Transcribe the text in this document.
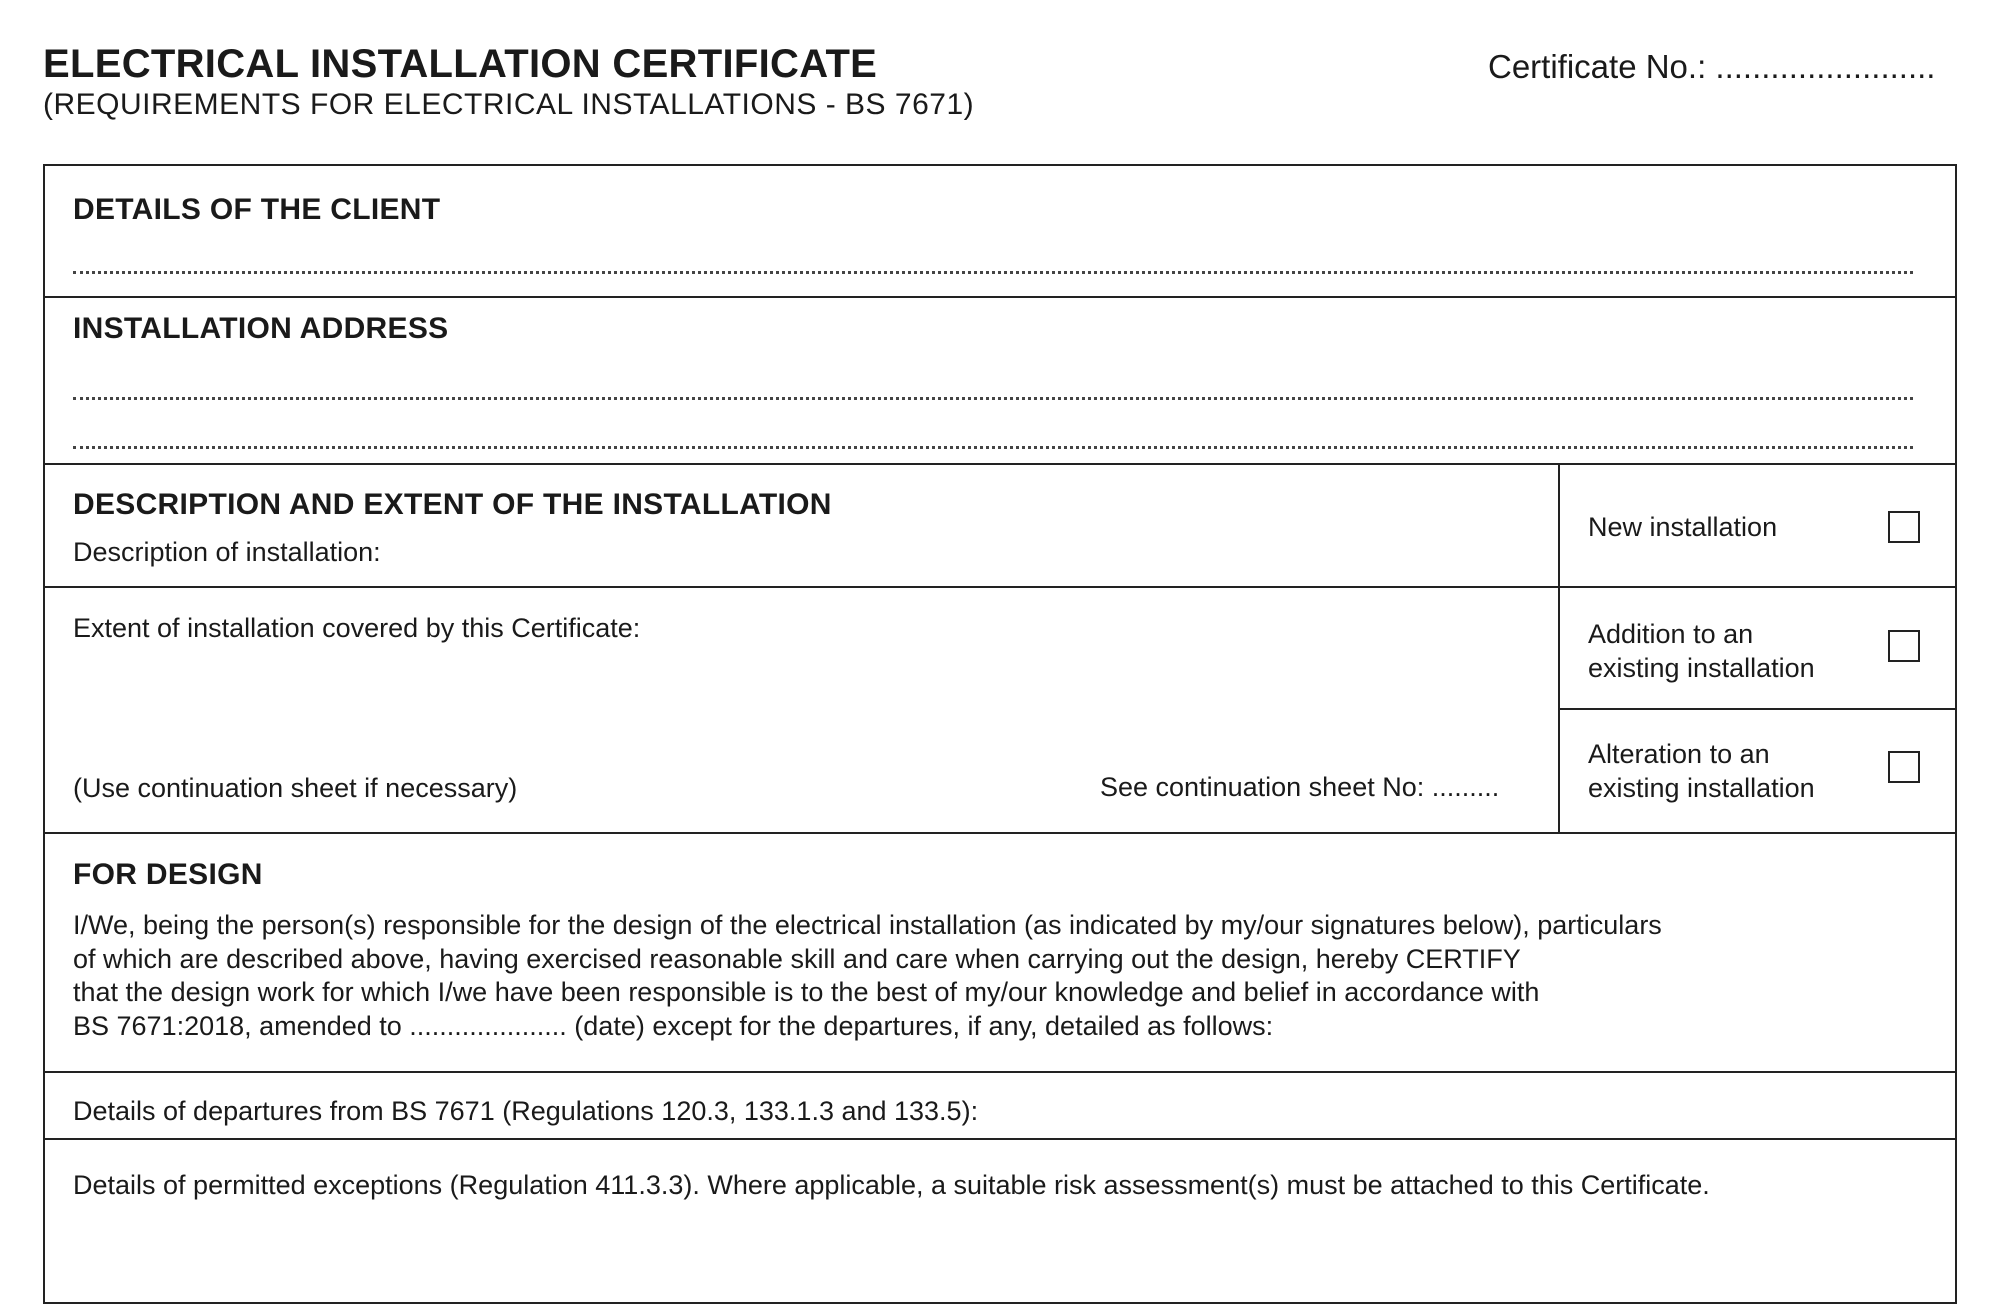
ELECTRICAL INSTALLATION CERTIFICATE
(REQUIREMENTS FOR ELECTRICAL INSTALLATIONS - BS 7671)
Certificate No.: ........................
DETAILS OF THE CLIENT
INSTALLATION ADDRESS
DESCRIPTION AND EXTENT OF THE INSTALLATION
Description of installation:
Extent of installation covered by this Certificate:
(Use continuation sheet if necessary)	See continuation sheet No: .........
New installation
Addition to an
existing installation
Alteration to an
existing installation
FOR DESIGN
I/We, being the person(s) responsible for the design of the electrical installation (as indicated by my/our signatures below), particulars
of which are described above, having exercised reasonable skill and care when carrying out the design, hereby CERTIFY
that the design work for which I/we have been responsible is to the best of my/our knowledge and belief in accordance with
BS 7671:2018, amended to ..................... (date) except for the departures, if any, detailed as follows:
Details of departures from BS 7671 (Regulations 120.3, 133.1.3 and 133.5):
Details of permitted exceptions (Regulation 411.3.3). Where applicable, a suitable risk assessment(s) must be attached to this Certificate.
